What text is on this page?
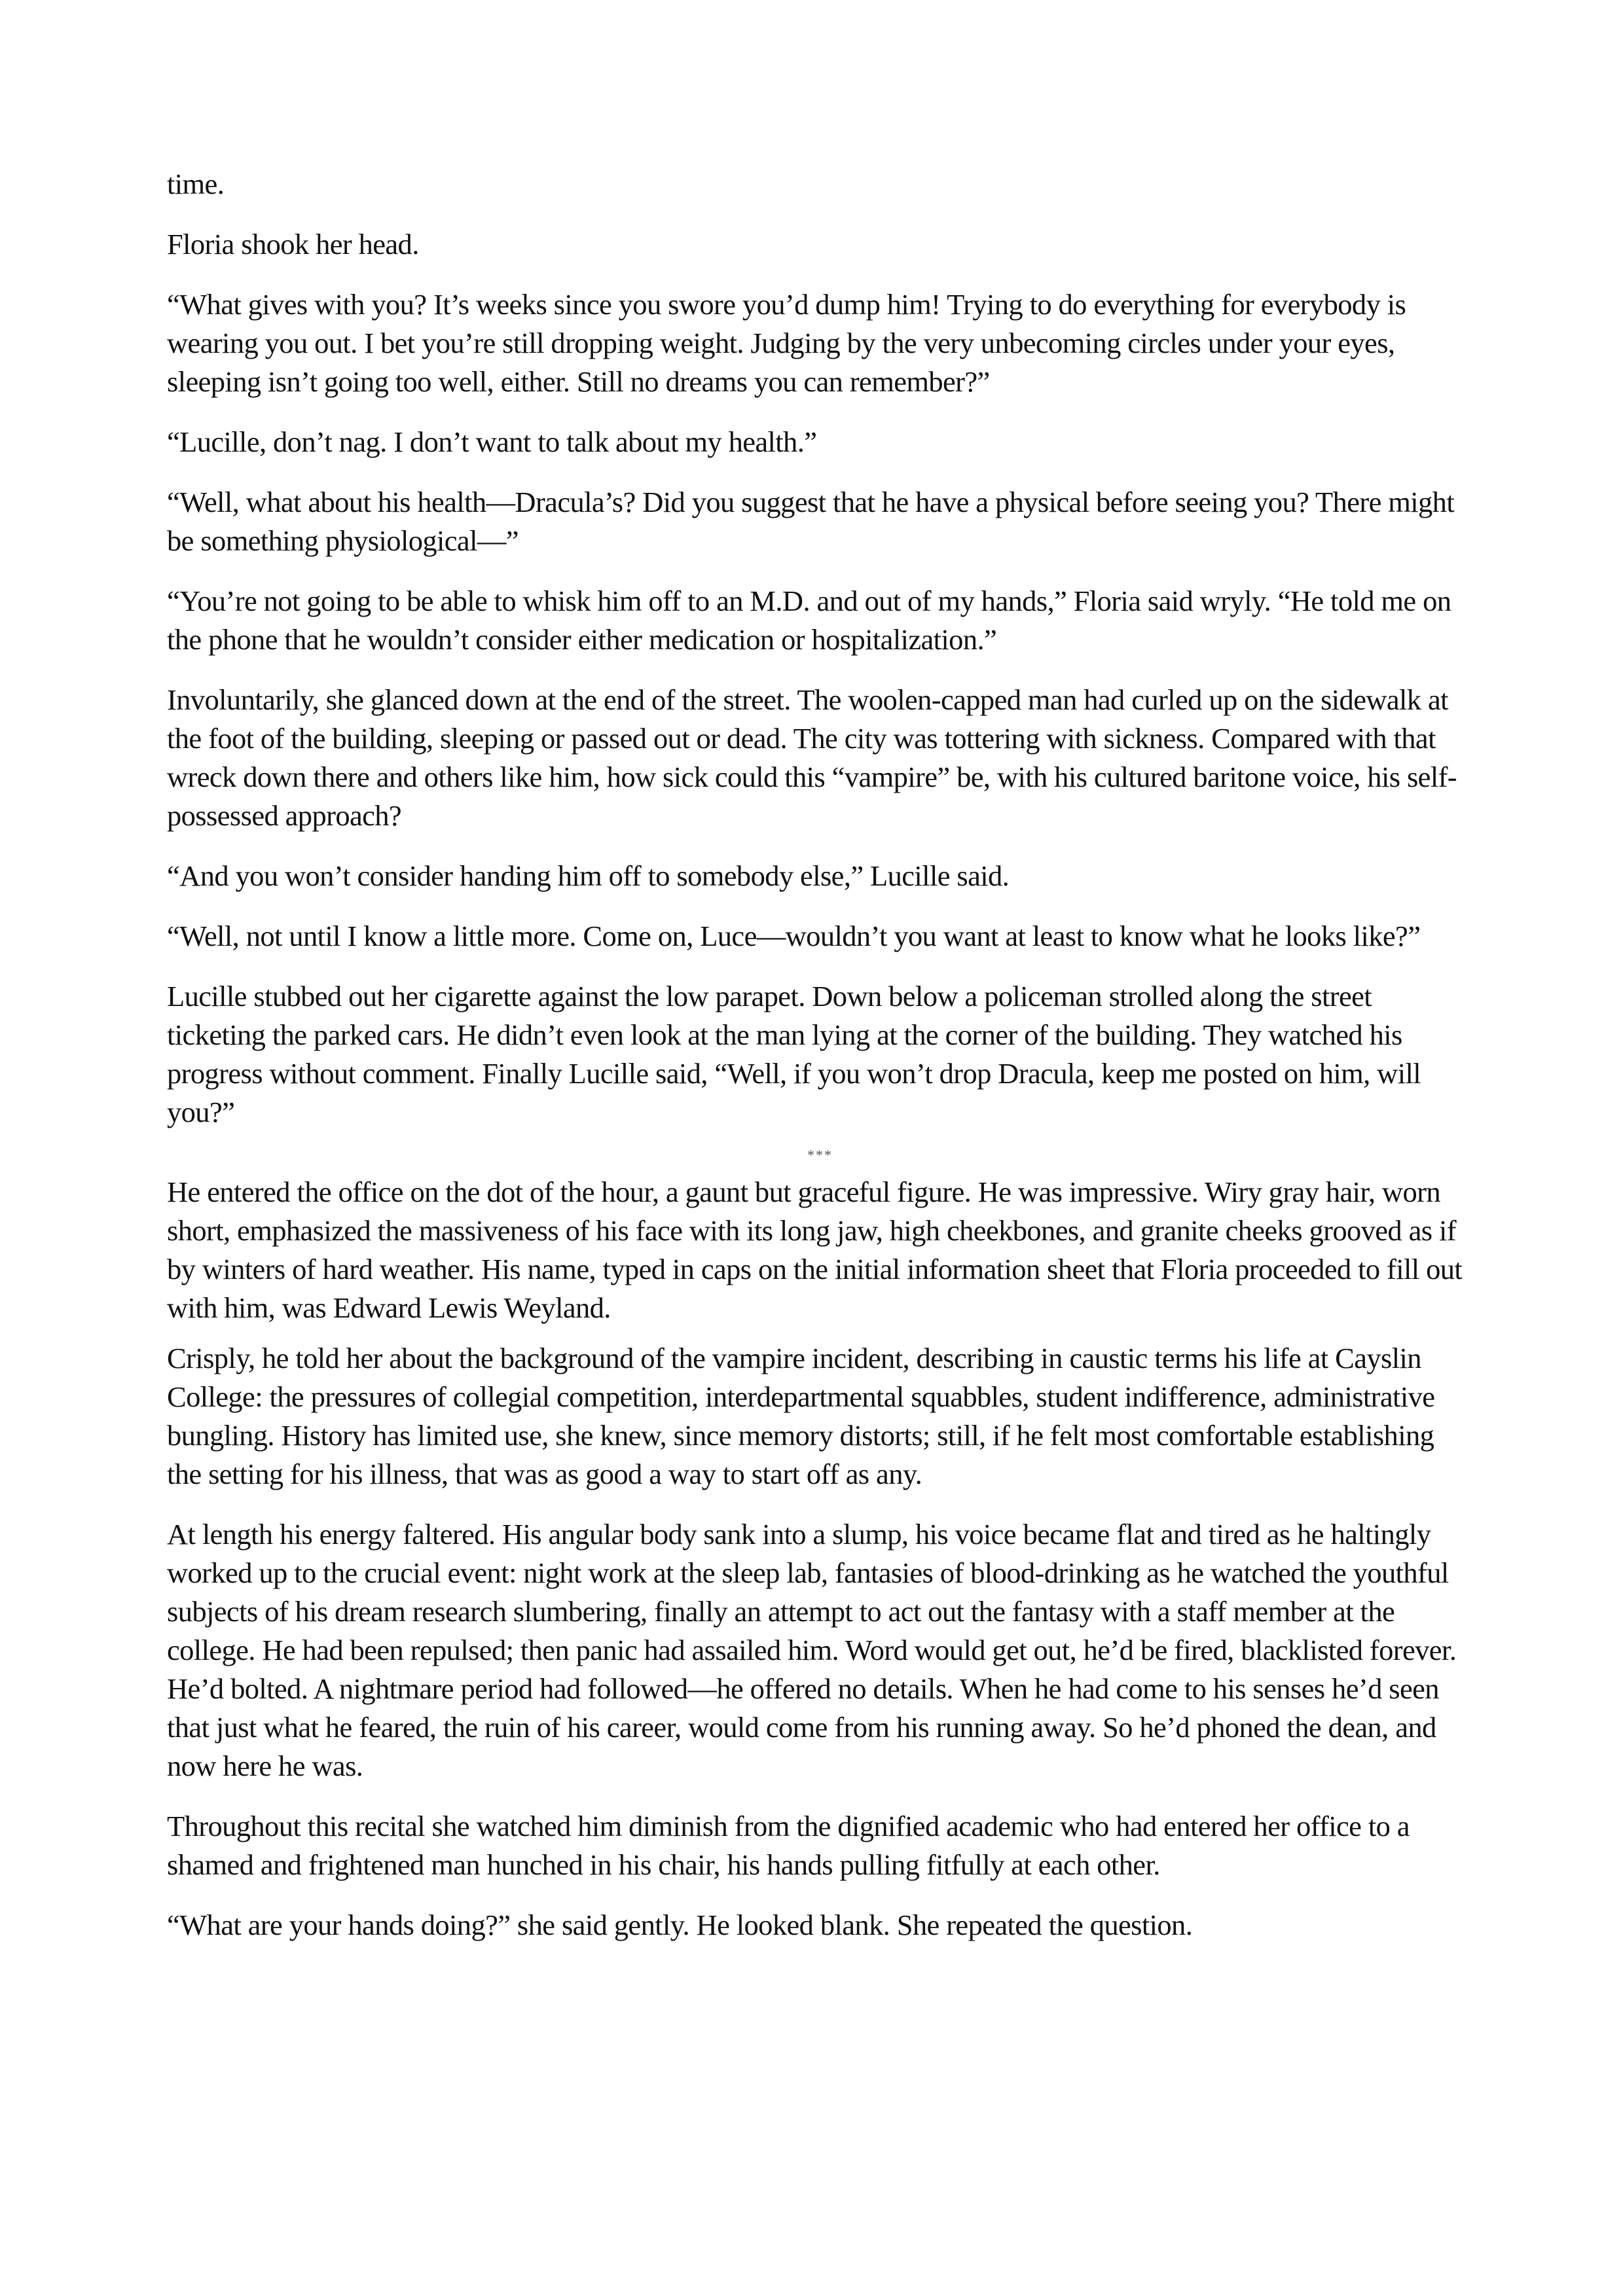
time.

Floria shook her head.

“What gives with you? It’s weeks since you swore you’d dump him! Trying to do everything for everybody is wearing you out. I bet you’re still dropping weight. Judging by the very unbecoming circles under your eyes, sleeping isn’t going too well, either. Still no dreams you can remember?”

“Lucille, don’t nag. I don’t want to talk about my health.”

“Well, what about his health—Dracula’s? Did you suggest that he have a physical before seeing you? There might be something physiological—”

“You’re not going to be able to whisk him off to an M.D. and out of my hands,” Floria said wryly. “He told me on the phone that he wouldn’t consider either medication or hospitalization.”

Involuntarily, she glanced down at the end of the street. The woolen-capped man had curled up on the sidewalk at the foot of the building, sleeping or passed out or dead. The city was tottering with sickness. Compared with that wreck down there and others like him, how sick could this “vampire” be, with his cultured baritone voice, his self-possessed approach?

“And you won’t consider handing him off to somebody else,” Lucille said.

“Well, not until I know a little more. Come on, Luce—wouldn’t you want at least to know what he looks like?”

Lucille stubbed out her cigarette against the low parapet. Down below a policeman strolled along the street ticketing the parked cars. He didn’t even look at the man lying at the corner of the building. They watched his progress without comment. Finally Lucille said, “Well, if you won’t drop Dracula, keep me posted on him, will you?”

***

He entered the office on the dot of the hour, a gaunt but graceful figure. He was impressive. Wiry gray hair, worn short, emphasized the massiveness of his face with its long jaw, high cheekbones, and granite cheeks grooved as if by winters of hard weather. His name, typed in caps on the initial information sheet that Floria proceeded to fill out with him, was Edward Lewis Weyland.

Crisply, he told her about the background of the vampire incident, describing in caustic terms his life at Cayslin College: the pressures of collegial competition, interdepartmental squabbles, student indifference, administrative bungling. History has limited use, she knew, since memory distorts; still, if he felt most comfortable establishing the setting for his illness, that was as good a way to start off as any.

At length his energy faltered. His angular body sank into a slump, his voice became flat and tired as he haltingly worked up to the crucial event: night work at the sleep lab, fantasies of blood-drinking as he watched the youthful subjects of his dream research slumbering, finally an attempt to act out the fantasy with a staff member at the college. He had been repulsed; then panic had assailed him. Word would get out, he’d be fired, blacklisted forever. He’d bolted. A nightmare period had followed—he offered no details. When he had come to his senses he’d seen that just what he feared, the ruin of his career, would come from his running away. So he’d phoned the dean, and now here he was.

Throughout this recital she watched him diminish from the dignified academic who had entered her office to a shamed and frightened man hunched in his chair, his hands pulling fitfully at each other.

“What are your hands doing?” she said gently. He looked blank. She repeated the question.
